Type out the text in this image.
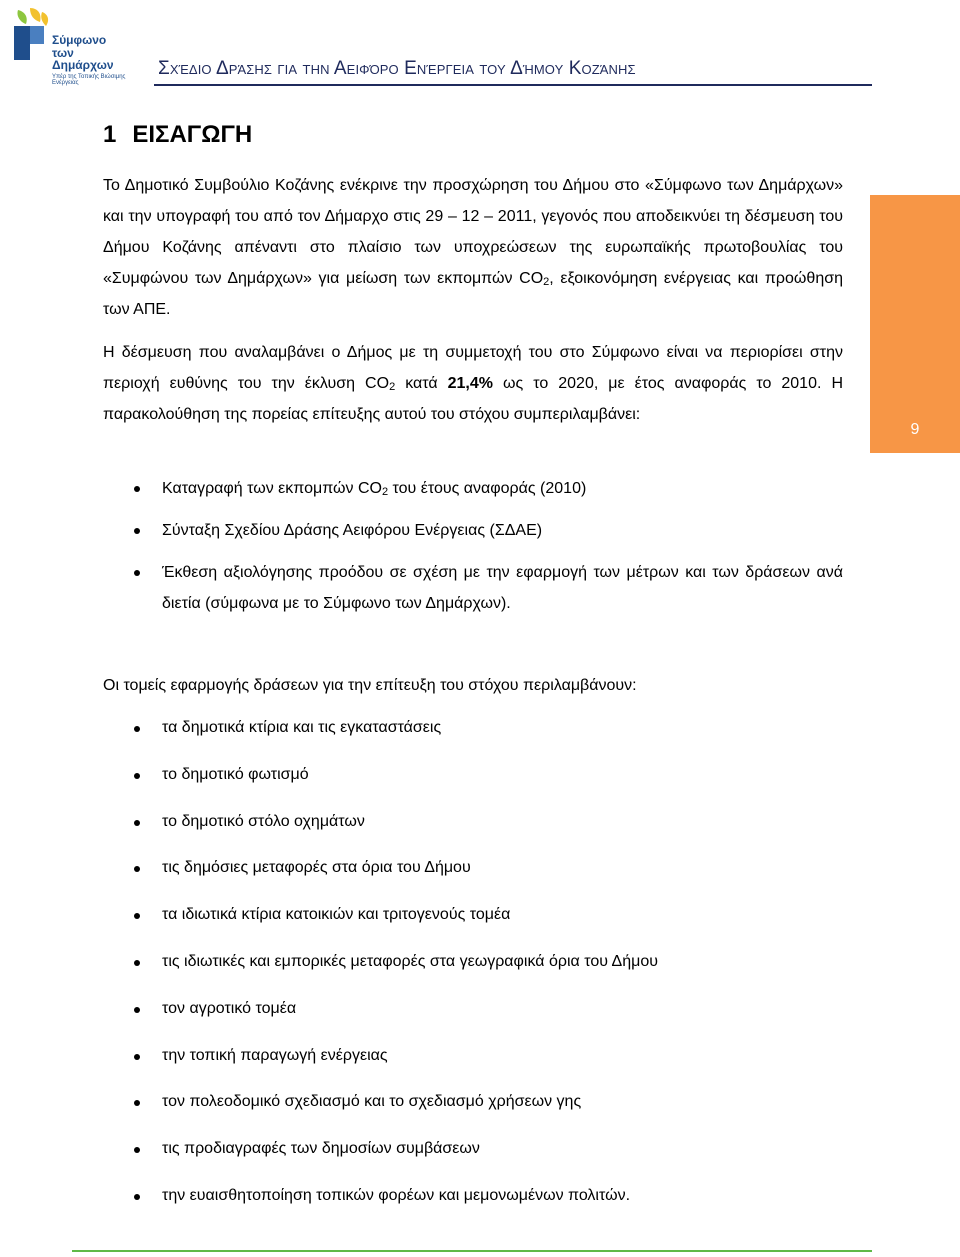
Σύμφωνο
των Δημάρχων
Υπέρ της Τοπικής Βιώσιμης Ενέργειας
Σχέδιο Δράσης για την Αειφόρο Ενέργεια του Δήμου Κοζάνης
9
1 ΕΙΣΑΓΩΓΗ
Το Δημοτικό Συμβούλιο Κοζάνης ενέκρινε την προσχώρηση του Δήμου στο «Σύμφωνο των Δημάρχων» και την υπογραφή του από τον Δήμαρχο στις 29 – 12 – 2011, γεγονός που αποδεικνύει τη δέσμευση του Δήμου Κοζάνης απέναντι στο πλαίσιο των υποχρεώσεων της ευρωπαϊκής πρωτοβουλίας του «Συμφώνου των Δημάρχων» για μείωση των εκπομπών $CO_2$, εξοικονόμηση ενέργειας και προώθηση των ΑΠΕ.
Η δέσμευση που αναλαμβάνει ο Δήμος με τη συμμετοχή του στο Σύμφωνο είναι να περιορίσει στην περιοχή ευθύνης του την έκλυση $CO_2$ κατά 21,4% ως το 2020, με έτος αναφοράς το 2010. Η παρακολούθηση της πορείας επίτευξης αυτού του στόχου συμπεριλαμβάνει:
Καταγραφή των εκπομπών $CO_2$ του έτους αναφοράς (2010)
Σύνταξη Σχεδίου Δράσης Αειφόρου Ενέργειας (ΣΔΑΕ)
Έκθεση αξιολόγησης προόδου σε σχέση με την εφαρμογή των μέτρων και των δράσεων ανά διετία (σύμφωνα με το Σύμφωνο των Δημάρχων).
Οι τομείς εφαρμογής δράσεων για την επίτευξη του στόχου περιλαμβάνουν:
τα δημοτικά κτίρια και τις εγκαταστάσεις
το δημοτικό φωτισμό
το δημοτικό στόλο οχημάτων
τις δημόσιες μεταφορές στα όρια του Δήμου
τα ιδιωτικά κτίρια κατοικιών και τριτογενούς τομέα
τις ιδιωτικές και εμπορικές μεταφορές στα γεωγραφικά όρια του Δήμου
τον αγροτικό τομέα
την τοπική παραγωγή ενέργειας
τον πολεοδομικό σχεδιασμό και το σχεδιασμό χρήσεων γης
τις προδιαγραφές των δημοσίων συμβάσεων
την ευαισθητοποίηση τοπικών φορέων και μεμονωμένων πολιτών.
